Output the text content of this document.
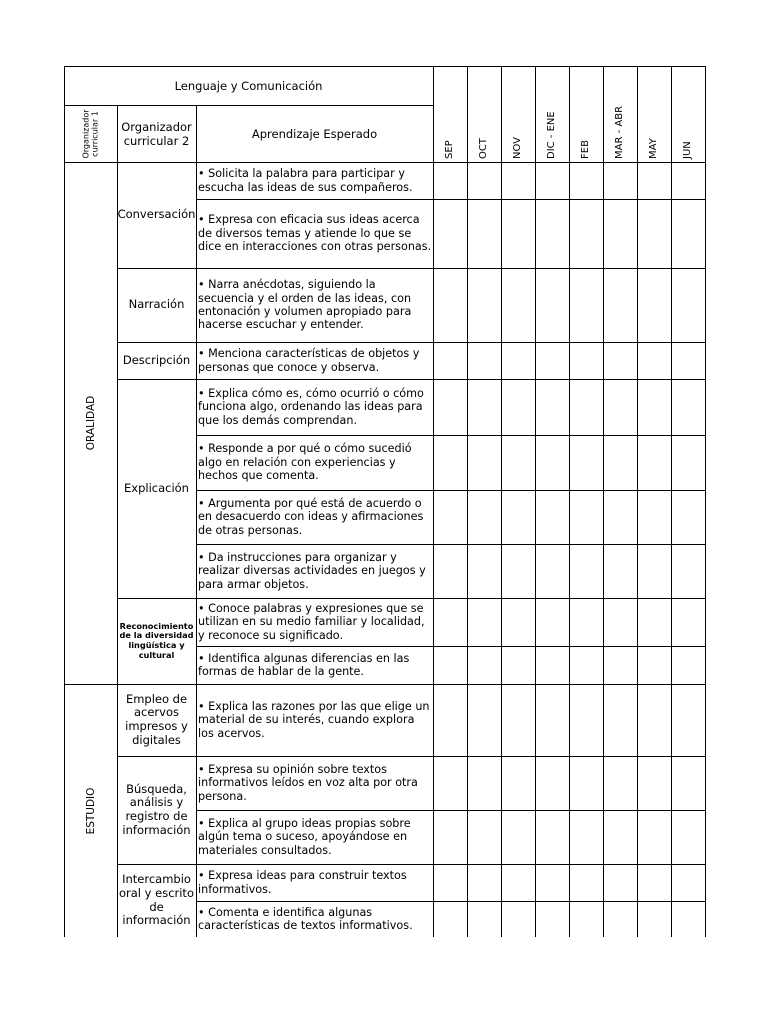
Lenguaje y Comunicación
Organizador curricular 1	Organizador curricular 2	Aprendizaje Esperado
SEP OCT NOV DIC - ENE FEB MAR - ABR MAY JUN
ORALIDAD
Conversación
• Solicita la palabra para participar y escucha las ideas de sus compañeros.
• Expresa con eficacia sus ideas acerca de diversos temas y atiende lo que se dice en interacciones con otras personas.
Narración
• Narra anécdotas, siguiendo la secuencia y el orden de las ideas, con entonación y volumen apropiado para hacerse escuchar y entender.
Descripción • Menciona características de objetos y personas que conoce y observa.
Explicación
• Explica cómo es, cómo ocurrió o cómo funciona algo, ordenando las ideas para que los demás comprendan.
• Responde a por qué o cómo sucedió algo en relación con experiencias y hechos que comenta.
• Argumenta por qué está de acuerdo o en desacuerdo con ideas y afirmaciones de otras personas.
• Da instrucciones para organizar y realizar diversas actividades en juegos y para armar objetos.
Reconocimiento de la diversidad lingüística y cultural
• Conoce palabras y expresiones que se utilizan en su medio familiar y localidad, y reconoce su significado.
• Identifica algunas diferencias en las formas de hablar de la gente.
ESTUDIO
Empleo de acervos impresos y digitales
• Explica las razones por las que elige un material de su interés, cuando explora los acervos.
Búsqueda, análisis y registro de información
• Expresa su opinión sobre textos informativos leídos en voz alta por otra persona.
• Explica al grupo ideas propias sobre algún tema o suceso, apoyándose en materiales consultados.
Intercambio oral y escrito de información
• Expresa ideas para construir textos informativos.
• Comenta e identifica algunas características de textos informativos.
